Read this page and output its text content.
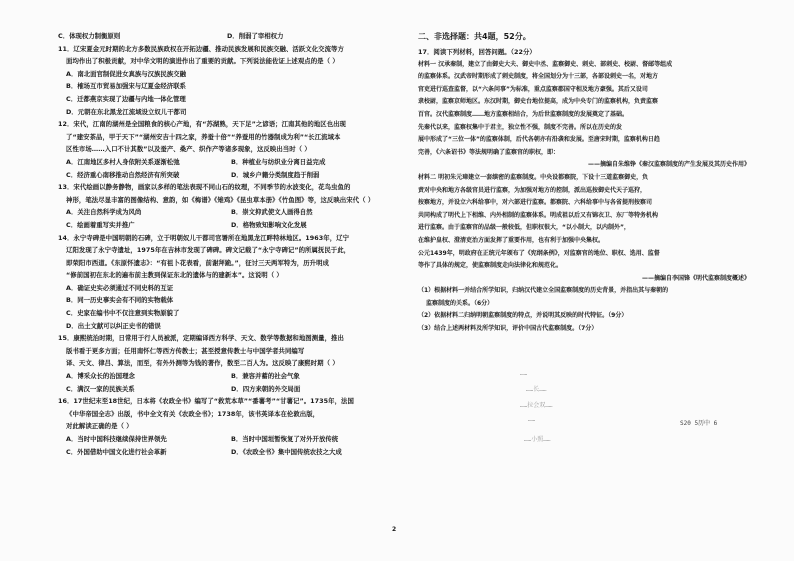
C．体现权力制衡原则	D．削弱了宰相权力
11．辽宋夏金元时期的北方多数民族政权在开拓边疆、推动民族发展和民族交融、活跃文化交流等方
面均作出了积极贡献，对中华文明的演进作出了重要的贡献。下列说法能佐证上述观点的是（ ）
A．南北面官制促进女真族与汉族民族交融
B．榷场互市贸易加强宋与辽夏金经济联系
C．迁都燕京实现了边疆与内地一体化管理
D．元朝在东北黑龙江流域设立奴儿干都司
12．宋代，江南的湖州是全国粮食的核心产地，有“苏湖熟，天下足”之谚语；江南其他的地区也出现
了“建安茶品，甲于天下”“湖州安吉十四之家，养蚕十倍”“养蚕用的竹器制成为利”“长江流域本
区性市场……入口不计其数”以及蚕产、桑产、织作产等诸多现象，这反映出当时（ ）
A．江南地区多村人身依附关系逐渐松弛	B．种植业与纺织业分离日益完成
C．经济重心南移推动自然经济有所突破	D．城乡户籍分类制度趋于削弱
13．宋代绘画以静务静物，画家以多样的笔法表现不同山石的纹理，不同季节的水波变化，花鸟虫鱼的
神形，笔法尽显丰富的图像结构、意韵，如《梅谱》《雉鸡》《昆虫草本册》《竹鱼图》等，这反映出宋代（ ）
A．关注自然科学成为风尚	B．崇文抑武使文人画得自然
C．绘画着重写实并推广	D．格物致知影响文化发展
14．永宁寺碑是中国明朝的石碑，立于明朝奴儿干都司官署所在地黑龙江畔特林地区。1963年，辽宁
辽阳发现了永宁寺遗址，1975年在吉林市发现了碑碑。碑文记载了“永宁寺碑记”的所属抚民于此，
即荣阳市西道。《东原怀遗志》：“有祖卜花表看，前谢拜跪。”，征讨三天两军特为，历升明成
“修前国初在东北的遍布前主教到保证东北的遗体与的建新本”。这说明（ ）
A．确证史实必须通过不同史料的互证
B．同一历史事实会有不同的实物载体
C．史家在编书中不仅注意到实物原貌了
D．出土文献可以纠正史书的错误
15．康熙统治时期，日常用于行人员被派，定期编译西方科学、天文、数学等数据和地图测量，推出
版书看于更多方面；任用南怀仁等西方传教士；甚至授意传教士与中国学者共同编写
译、天文、律吕、算法，而至，有外外测等为钱的著作，数至二百人为。这反映了康熙时期（ ）
A．博采众长的治国理念	B．兼容并蓄的社会气象
C．满汉一家的民族关系	D．四方来朝的外交局面
16．17世纪末至18世纪，日本将《农政全书》编写了“救荒本草”“番薯考”“甘薯记”。1735年，法国
《中华帝国全志》出版，书中全文有关《农政全书》；1738年，该书英译本在伦敦出版，
对此解读正确的是（ ）
A．当时中国科技继续保持世界领先	B．当时中国垣暂恢复了对外开放传统
C．外国借助中国文化进行社会革新	D．《农政全书》集中国传统农技之大成
二、非选择题：共4题，52分。
17．阅读下列材料，回答问题。（22分）
材料一 汉承秦制，建立了由御史大夫、御史中丞、监察御史、刺史、部刺史、校尉、督邮等组成
的监察体系。汉武帝时期形成了刺史制度，将全国划分为十三部，各部设刺史一名，对地方
官吏进行巡查监督，以“六条问事”为标准，重点监察郡国守相及地方豪强。其后又设司
隶校尉，监察京师地区。东汉时期，御史台地位提高，成为中央专门的监察机构，负责监察
百官。汉代监察制度……地方监察相结合，为后世监察制度的发展奠定了基础。
先秦代以来，监察权集中于君主，独立性不强，制度不完善。所以在历史的发
展中形成了“三位一体”的监察体制，后代各朝亦有沿袭和发展。至唐宋时期，监察机构日趋
完善，《六条诏书》等法规明确了监察官的职权，即：
——摘编自朱维铮《秦汉监察制度的产生发展及其历史作用》
材料二 明初朱元璋建立一套缜密的监察制度。中央设都察院，下设十三道监察御史，负
责对中央和地方各级官员进行监察，为加强对地方的控制，派出巡按御史代天子巡狩，
按察地方，并设立六科给事中，对六部进行监察。都察院、六科给事中与各省提刑按察司
共同构成了明代上下相维、内外相制的监察体系。明成祖以后又有锦衣卫、东厂等特务机构
进行监察。由于监察官的品级一般较低，但职权很大，“以小制大，以内制外”，
在维护皇权、澄清吏治方面发挥了重要作用，也有利于加强中央集权。
公元1439年，明政府在正统元年颁布了《宪纲条例》，对监察官的地位、职权、选用、监督
等作了具体的规定，使监察制度走向法律化和规范化。
——摘编自李国锋《明代监察制度概述》
（1）根据材料一并结合所学知识，归纳汉代建立全国监察制度的历史背景，并指出其与秦朝的
监察制度的关系。（6分）
（2）依据材料二归纳明朝监察制度的特点，并说明其反映的时代特征。（9分）
（3）结合上述两材料及所学知识，评价中国古代监察制度。（7分）
……
……长……
……拉会双……
……
……小照……
S20 5历中 6
2
